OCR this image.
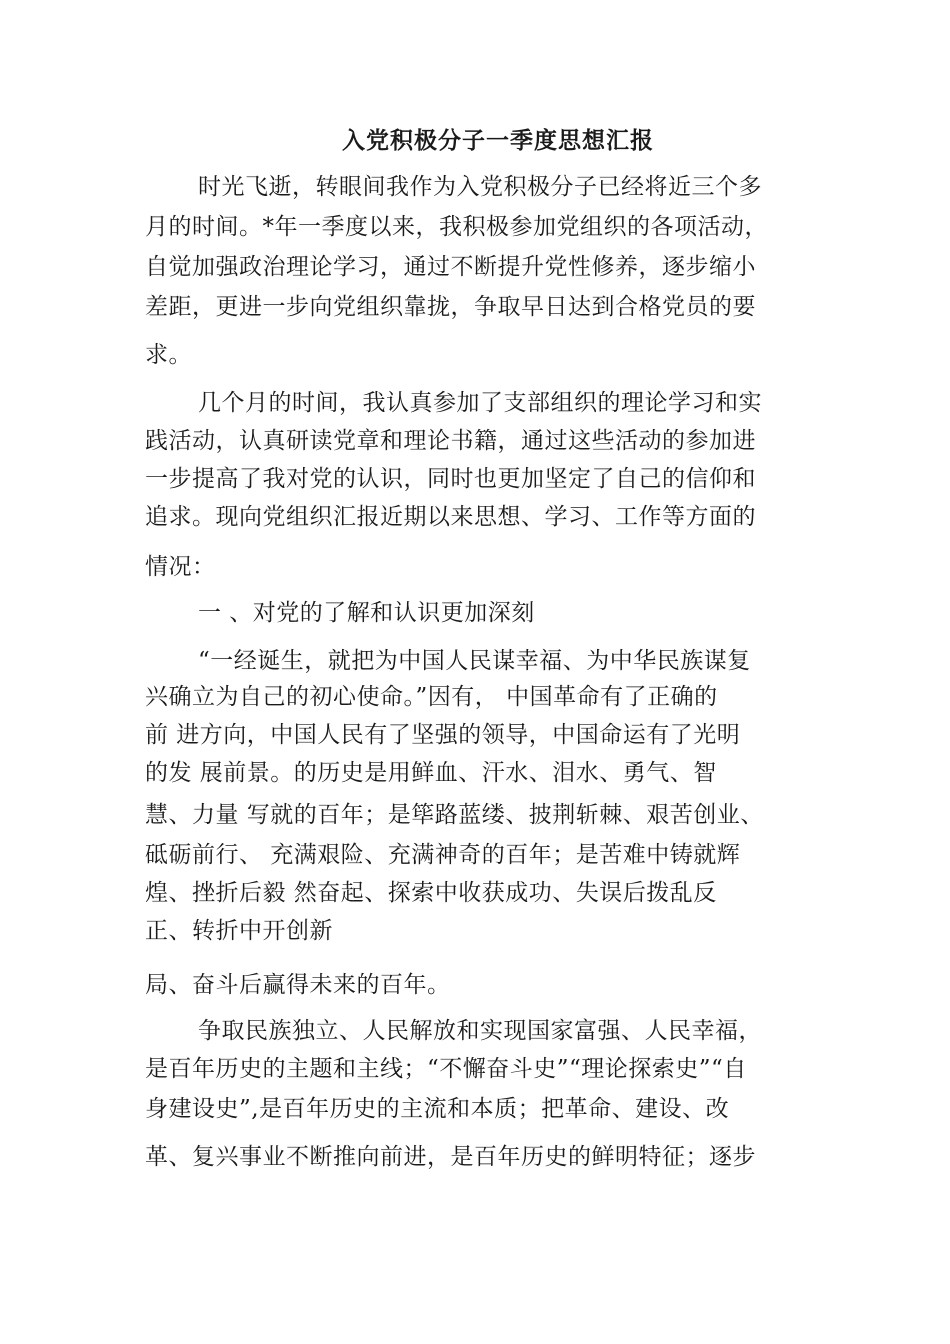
入党积极分子一季度思想汇报
时光飞逝，转眼间我作为入党积极分子已经将近三个多
月的时间。*年一季度以来，我积极参加党组织的各项活动，
自觉加强政治理论学习，通过不断提升党性修养，逐步缩小
差距，更进一步向党组织靠拢，争取早日达到合格党员的要
求。
几个月的时间，我认真参加了支部组织的理论学习和实
践活动，认真研读党章和理论书籍，通过这些活动的参加进
一步提高了我对党的认识，同时也更加坚定了自己的信仰和
追求。现向党组织汇报近期以来思想、学习、工作等方面的
情况：
一 、对党的了解和认识更加深刻
“一经诞生，就把为中国人民谋幸福、为中华民族谋复
兴确立为自己的初心使命。”因有， 中国革命有了正确的
前 进方向，中国人民有了坚强的领导，中国命运有了光明
的发 展前景。的历史是用鲜血、汗水、泪水、勇气、智
慧、力量 写就的百年；是筚路蓝缕、披荆斩棘、艰苦创业、
砥砺前行、 充满艰险、充满神奇的百年；是苦难中铸就辉
煌、挫折后毅 然奋起、探索中收获成功、失误后拨乱反
正、转折中开创新
局、奋斗后赢得未来的百年。
争取民族独立、人民解放和实现国家富强、人民幸福，
是百年历史的主题和主线；“不懈奋斗史”“理论探索史”“自
身建设史”,是百年历史的主流和本质；把革命、建设、改
革、复兴事业不断推向前进，是百年历史的鲜明特征；逐步
